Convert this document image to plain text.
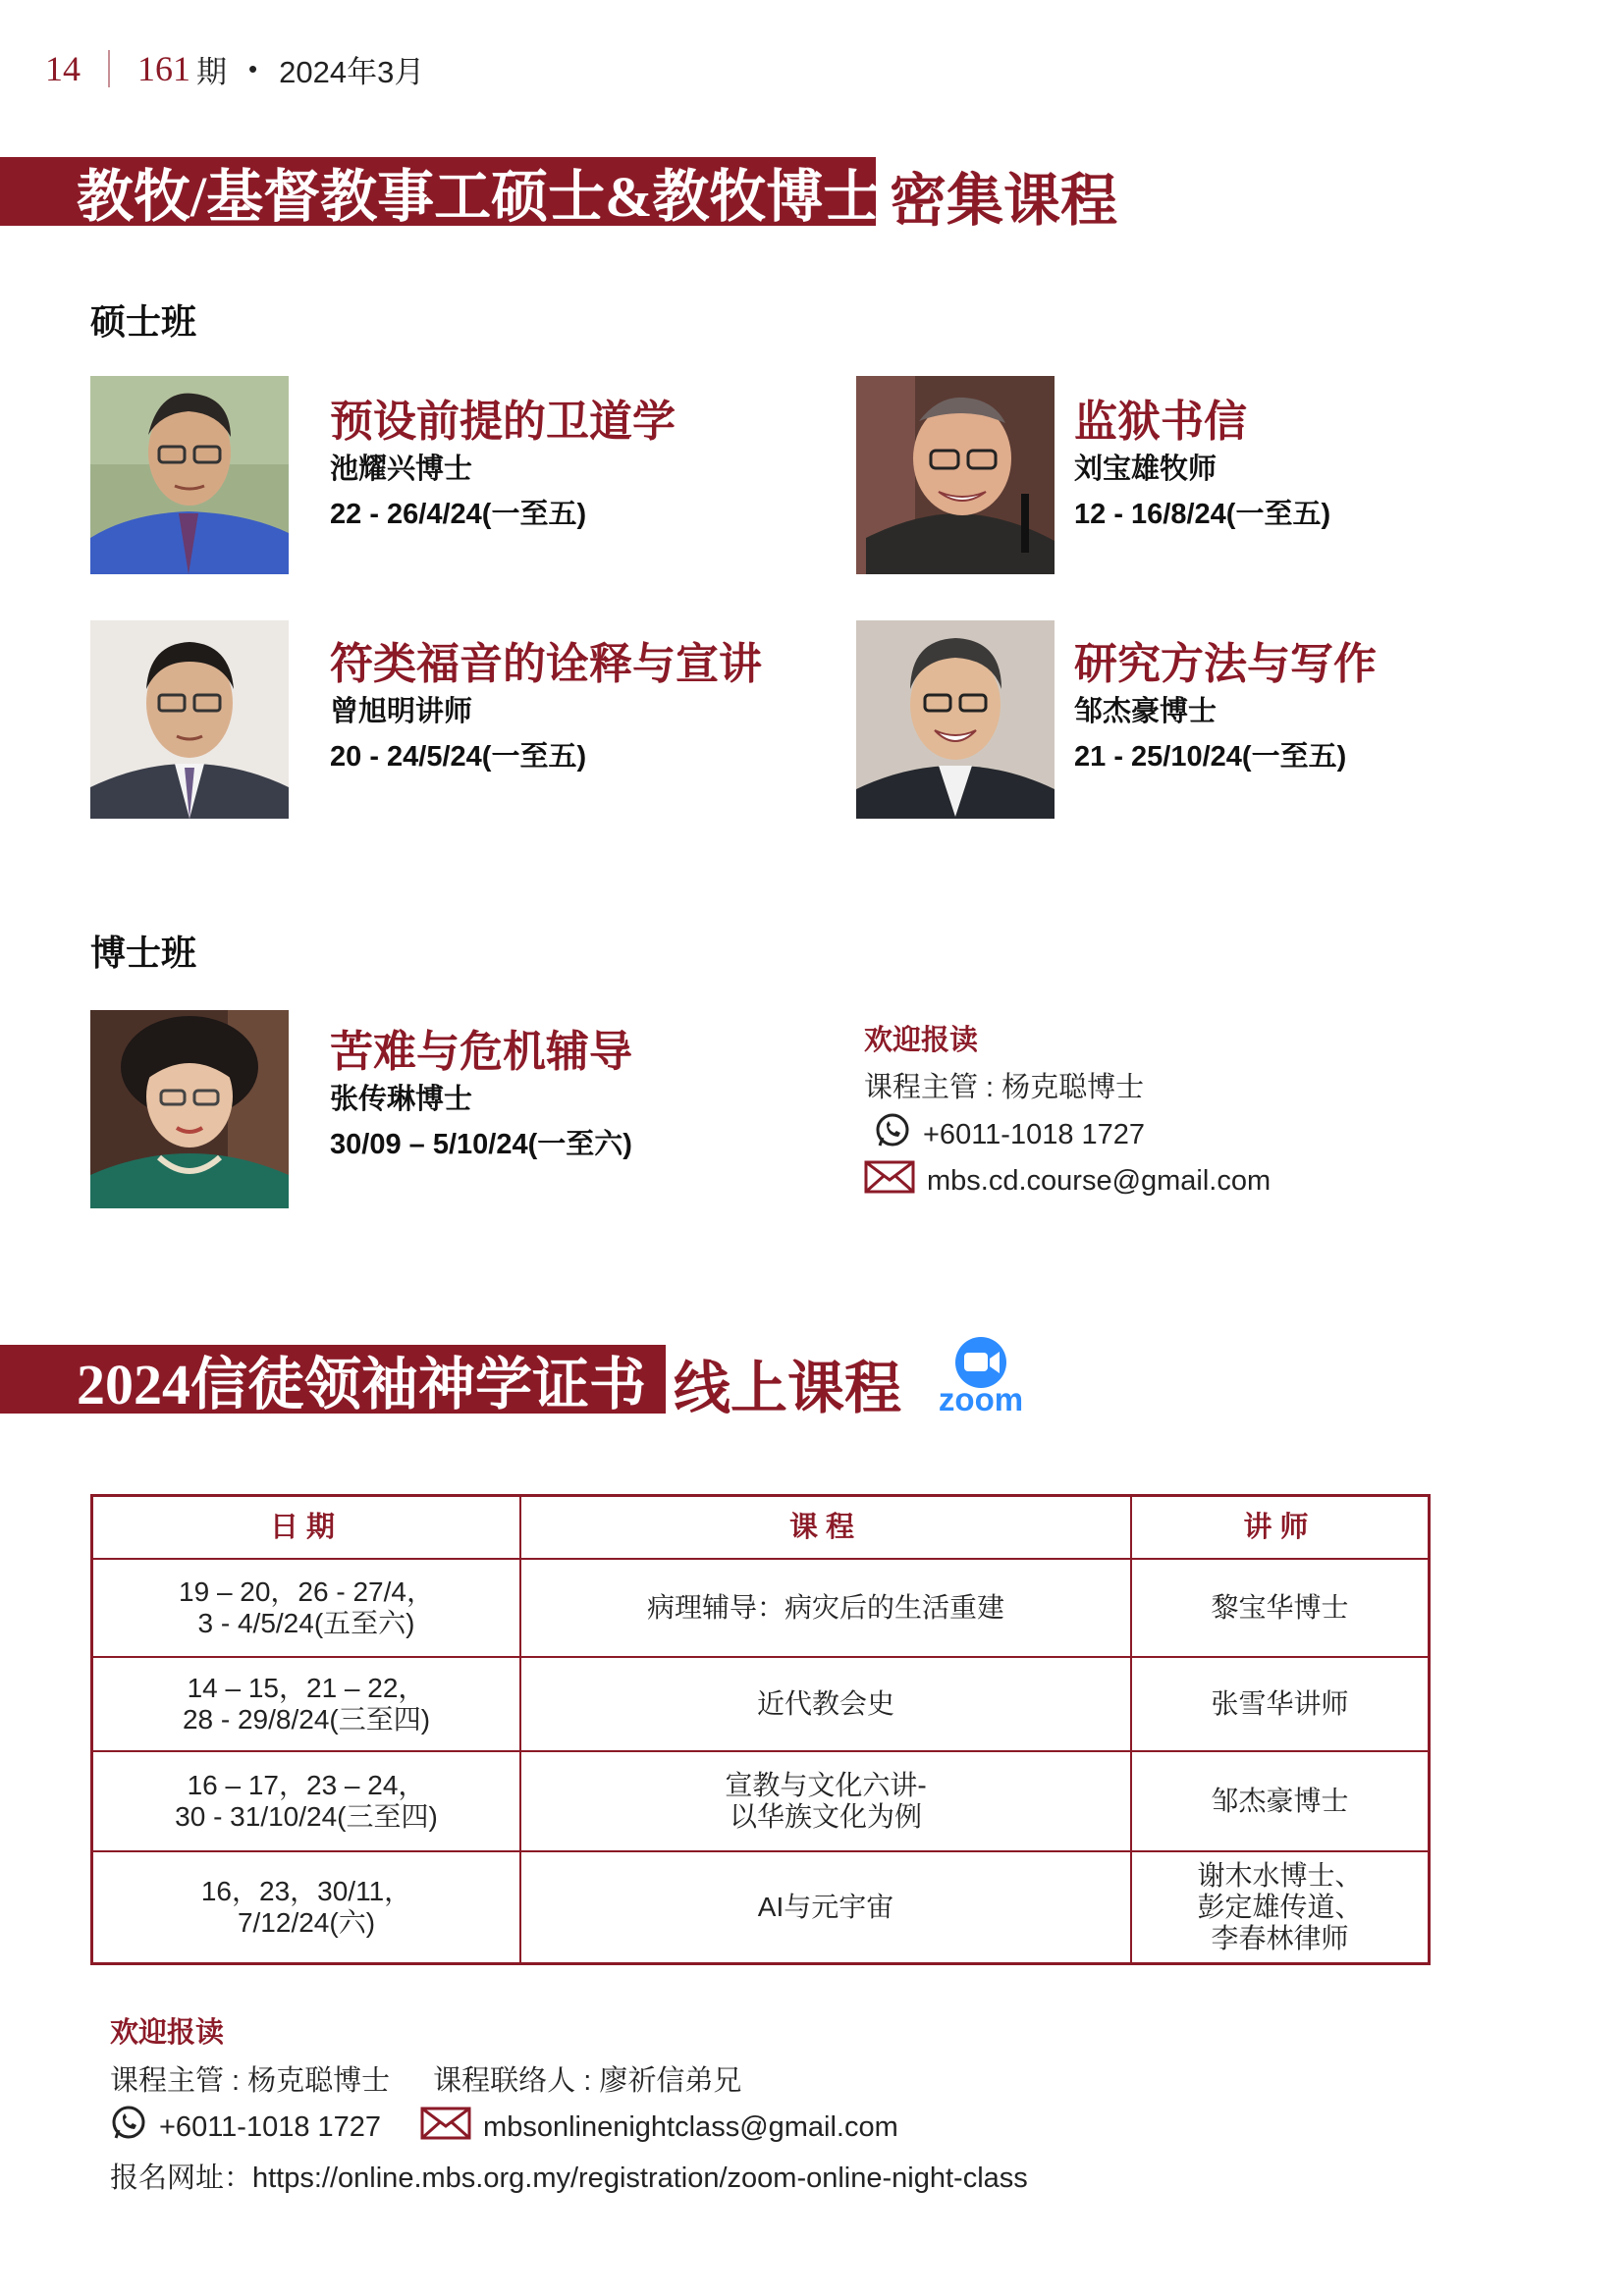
14 161 期 • 2024年3月
教牧/基督教事工硕士&教牧博士 密集课程
硕士班
预设前提的卫道学
池耀兴博士
22 - 26/4/24(一至五)
监狱书信
刘宝雄牧师
12 - 16/8/24(一至五)
符类福音的诠释与宣讲
曾旭明讲师
20 - 24/5/24(一至五)
研究方法与写作
邹杰豪博士
21 - 25/10/24(一至五)
博士班
苦难与危机辅导
张传琳博士
30/09 – 5/10/24(一至六)
欢迎报读
课程主管 : 杨克聪博士
+6011-1018 1727
mbs.cd.course@gmail.com
2024信徒领袖神学证书 线上课程	zoom
日期	课程	讲师
19 – 20，26 - 27/4，
3 - 4/5/24(五至六)	病理辅导：病灾后的生活重建	黎宝华博士
14 – 15，21 – 22，
28 - 29/8/24(三至四)	近代教会史	张雪华讲师
16 – 17，23 – 24，
30 - 31/10/24(三至四)	宣教与文化六讲-
以华族文化为例	邹杰豪博士
16，23，30/11，
7/12/24(六)	AI与元宇宙	谢木水博士、
彭定雄传道、
李春林律师
欢迎报读
课程主管 : 杨克聪博士 课程联络人 : 廖祈信弟兄
+6011-1018 1727	mbsonlinenightclass@gmail.com
报名网址：https://online.mbs.org.my/registration/zoom-online-night-class
